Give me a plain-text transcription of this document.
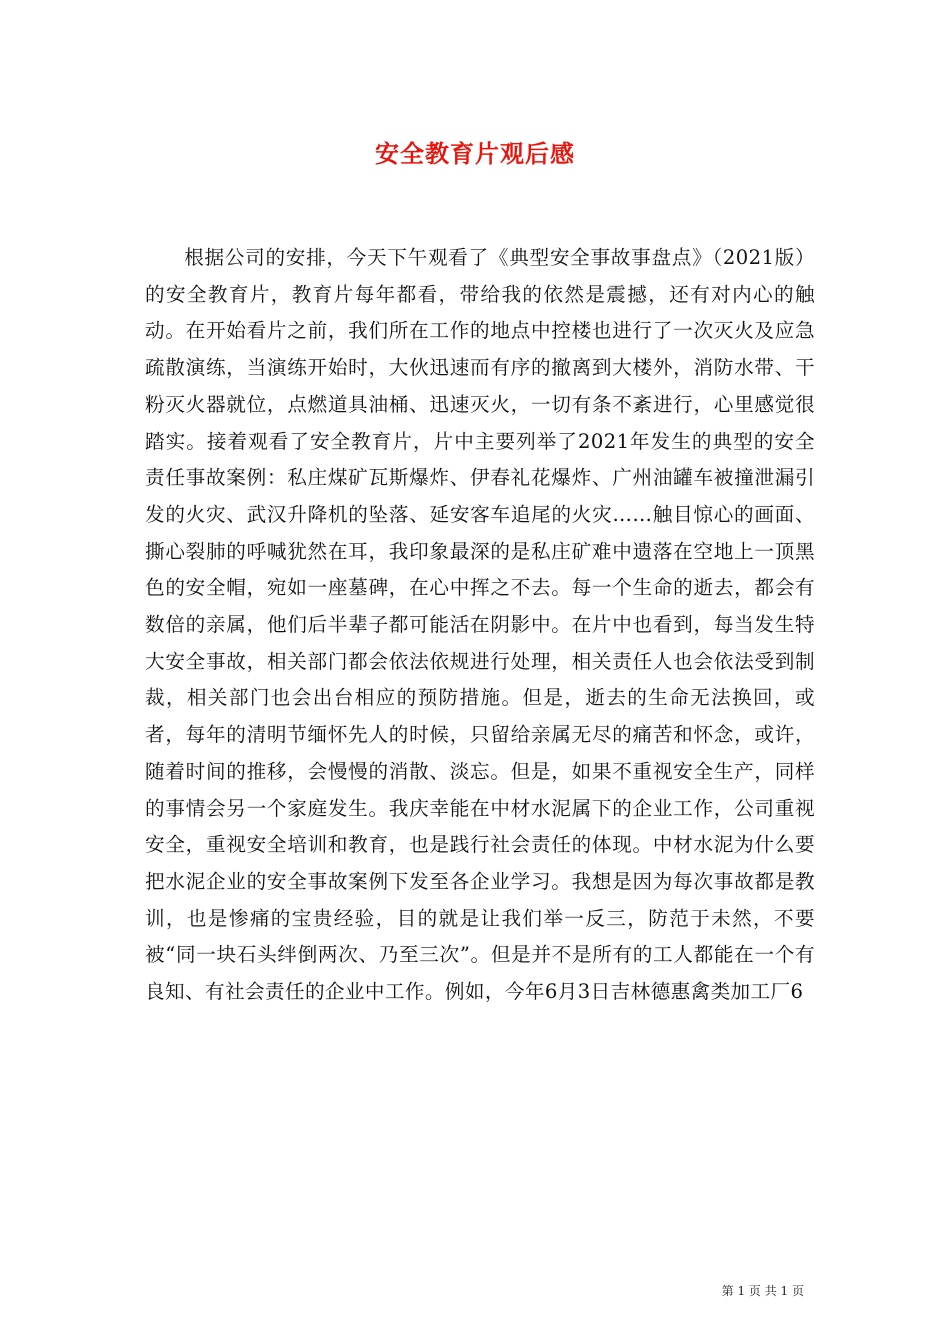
安全教育片观后感

根据公司的安排，今天下午观看了《典型安全事故事盘点》（2021版）的安全教育片，教育片每年都看，带给我的依然是震撼，还有对内心的触动。在开始看片之前，我们所在工作的地点中控楼也进行了一次灭火及应急疏散演练，当演练开始时，大伙迅速而有序的撤离到大楼外，消防水带、干粉灭火器就位，点燃道具油桶、迅速灭火，一切有条不紊进行，心里感觉很踏实。接着观看了安全教育片，片中主要列举了2021年发生的典型的安全责任事故案例：私庄煤矿瓦斯爆炸、伊春礼花爆炸、广州油罐车被撞泄漏引发的火灾、武汉升降机的坠落、延安客车追尾的火灾……触目惊心的画面、撕心裂肺的呼喊犹然在耳，我印象最深的是私庄矿难中遗落在空地上一顶黑色的安全帽，宛如一座墓碑，在心中挥之不去。每一个生命的逝去，都会有数倍的亲属，他们后半辈子都可能活在阴影中。在片中也看到，每当发生特大安全事故，相关部门都会依法依规进行处理，相关责任人也会依法受到制裁，相关部门也会出台相应的预防措施。但是，逝去的生命无法换回，或者，每年的清明节缅怀先人的时候，只留给亲属无尽的痛苦和怀念，或许，随着时间的推移，会慢慢的消散、淡忘。但是，如果不重视安全生产，同样的事情会另一个家庭发生。我庆幸能在中材水泥属下的企业工作，公司重视安全，重视安全培训和教育，也是践行社会责任的体现。中材水泥为什么要把水泥企业的安全事故案例下发至各企业学习。我想是因为每次事故都是教训，也是惨痛的宝贵经验，目的就是让我们举一反三，防范于未然，不要被“同一块石头绊倒两次、乃至三次”。但是并不是所有的工人都能在一个有良知、有社会责任的企业中工作。例如，今年6月3日吉林德惠禽类加工厂6

第 1 页 共 1 页
